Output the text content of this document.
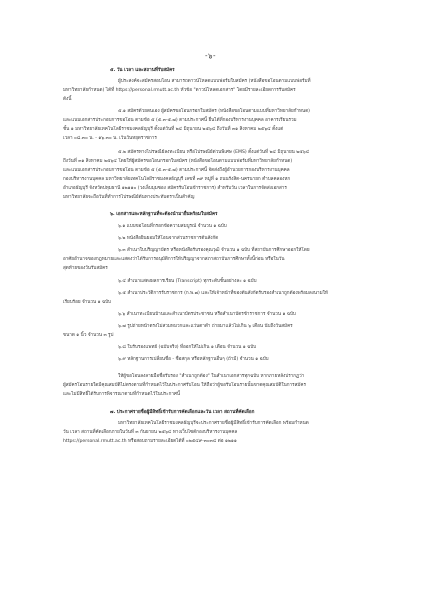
-๖-
๕. วัน เวลา และสถานที่รับสมัคร
ผู้ประสงค์จะสมัครสอบโอน สามารถดาวน์โหลดแบบฟอร์มใบสมัคร (หนังสือขอโอนตามแบบฟอร์มที่
มหาวิทยาลัยกำหนด) ได้ที่ https://personal.rmutt.ac.th หัวข้อ "ดาวน์โหลดเอกสาร" โดยมีรายละเอียดการรับสมัคร
ดังนี้
๕.๑ สมัครด้วยตนเอง ผู้สมัครขอโอนกรอกใบสมัคร (หนังสือขอโอนตามแบบที่มหาวิทยาลัยกำหนด)
และแนบเอกสารประกอบการขอโอน ตามข้อ ๕ (๕.๓-๕.๗) ตามประกาศนี้ ยื่นได้ที่กองบริหารงานบุคคล อาคารเรียนรวม
ชั้น ๑ มหาวิทยาลัยเทคโนโลยีราชมงคลธัญบุรี ตั้งแต่วันที่ ๒๔ มิถุนายน ๒๕๖๔ ถึงวันที่ ๓๑ สิงหาคม ๒๕๖๔ ตั้งแต่
เวลา ๐๘.๓๐ น. - ๑๖.๓๐ น. เว้นวันหยุดราชการ
๕.๒ สมัครทางไปรษณีย์ลงทะเบียน หรือไปรษณีย์ด่วนพิเศษ (EMS) ตั้งแต่วันที่ ๒๔ มิถุนายน ๒๕๖๔
ถึงวันที่ ๓๑ สิงหาคม ๒๕๖๔ โดยให้ผู้สมัครขอโอนกรอกใบสมัคร (หนังสือขอโอนตามแบบฟอร์มที่มหาวิทยาลัยกำหนด)
และแนบเอกสารประกอบการขอโอน ตามข้อ ๕ (๕.๓-๕.๗) ตามประกาศนี้ จัดส่งถึงผู้อำนวยการกองบริหารงานบุคคล
กองบริหารงานบุคคล มหาวิทยาลัยเทคโนโลยีราชมงคลธัญบุรี เลขที่ ๓๙ หมู่ที่ ๑ ถนนรังสิต-นครนายก ตำบลคลองหก
อำเภอธัญบุรี จังหวัดปทุมธานี ๑๒๑๑๐ (วงเล็บมุมซอง สมัครรับโอนข้าราชการ) สำหรับวัน เวลาในการจัดส่งเอกสาร
มหาวิทยาลัยจะถือวันที่ทำการไปรษณีย์ต้นทางประทับตราเป็นสำคัญ
๖. เอกสารและหลักฐานที่จะต้องนำมายื่นพร้อมใบสมัคร
๖.๑ แบบขอโอนที่กรอกข้อความสมบูรณ์ จำนวน ๑ ฉบับ
๖.๒ หนังสือยินยอมให้โอนจากส่วนราชการต้นสังกัด
๖.๓ สำเนาใบปริญญาบัตร หรือหนังสือรับรองคุณวุฒิ จำนวน ๑ ฉบับ ที่สถาบันการศึกษาออกให้โดย
อาศัยอำนาจของกฎหมายและแสดงว่าได้รับการอนุมัติการให้ปริญญาจากสภาสถาบันการศึกษาทั้งนี้ก่อน หรือในวัน
สุดท้ายของวันรับสมัคร
๖.๔ สำเนาแสดงผลการเรียน (Transcript) ทุกระดับชั้นอย่างละ ๑ ฉบับ
๖.๕ สำเนาประวัติการรับราชการ (ก.พ.๗) และให้เจ้าหน้าที่ของต้นสังกัดรับรองสำเนาถูกต้องพร้อมลงนามให้
เรียบร้อย จำนวน ๑ ฉบับ
๖.๖ สำเนาทะเบียนบ้านและสำเนาบัตรประชาชน หรือสำเนาบัตรข้าราชการ จำนวน ๑ ฉบับ
๖.๗ รูปถ่ายหน้าตรงไม่สวมหมวกและแว่นตาดำ ถ่ายมาแล้วไม่เกิน ๖ เดือน นับถึงวันสมัคร
ขนาด ๑ นิ้ว จำนวน ๓ รูป
๖.๘ ใบรับรองแพทย์ (ฉบับจริง) ที่ออกให้ไม่เกิน ๑ เดือน จำนวน ๑ ฉบับ
๖.๙ หลักฐานการเปลี่ยนชื่อ - ชื่อสกุล หรือหลักฐานอื่นๆ (ถ้ามี) จำนวน ๑ ฉบับ
ให้ผู้ขอโอนลงลายมือชื่อรับรอง "สำเนาถูกต้อง" ในสำเนาเอกสารทุกฉบับ หากภายหลังปรากฏว่า
ผู้สมัครโอนรายใดมีคุณสมบัติไม่ตรงตามที่กำหนดไว้ในประกาศรับโอน ให้ถือว่าผู้ขอรับโอนรายนั้นขาดคุณสมบัติในการสมัคร
และไม่มีสิทธิ์ได้รับการพิจารณาตามที่กำหนดไว้ในประกาศนี้
๗. ประกาศรายชื่อผู้มีสิทธิ์เข้ารับการคัดเลือกและวัน เวลา สถานที่คัดเลือก
มหาวิทยาลัยเทคโนโลยีราชมงคลธัญบุรีจะประกาศรายชื่อผู้มีสิทธิ์เข้ารับการคัดเลือก พร้อมกำหนด
วัน เวลา สถานที่คัดเลือกภายในวันที่ ๓ กันยายน ๒๕๖๔ ทางเว็บไซต์กองบริหารงานบุคคล
https://personal.rmutt.ac.th หรือสอบถามรายละเอียดได้ที่ ๐๒๕๔๙-๓๐๓๔ ต่อ ๑๒๑๑
